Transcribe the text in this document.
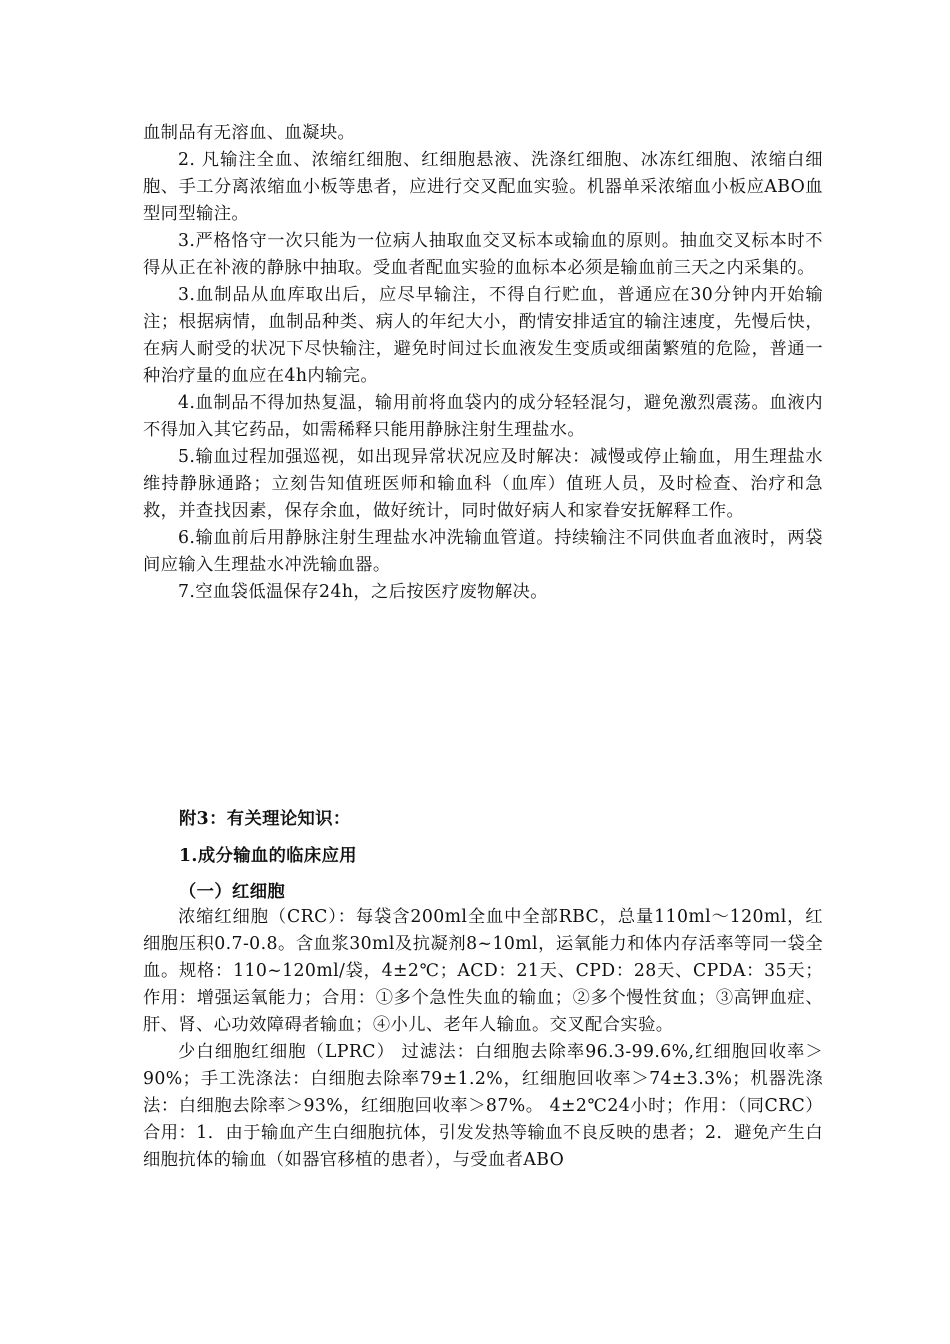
血制品有无溶血、血凝块。

2. 凡输注全血、浓缩红细胞、红细胞悬液、洗涤红细胞、冰冻红细胞、浓缩白细胞、手工分离浓缩血小板等患者，应进行交叉配血实验。机器单采浓缩血小板应ABO血型同型输注。

3.严格恪守一次只能为一位病人抽取血交叉标本或输血的原则。抽血交叉标本时不得从正在补液的静脉中抽取。受血者配血实验的血标本必须是输血前三天之内采集的。

3.血制品从血库取出后，应尽早输注，不得自行贮血，普通应在30分钟内开始输注；根据病情，血制品种类、病人的年纪大小，酌情安排适宜的输注速度，先慢后快，在病人耐受的状况下尽快输注，避免时间过长血液发生变质或细菌繁殖的危险，普通一种治疗量的血应在4h内输完。

4.血制品不得加热复温，输用前将血袋内的成分轻轻混匀，避免激烈震荡。血液内不得加入其它药品，如需稀释只能用静脉注射生理盐水。

5.输血过程加强巡视，如出现异常状况应及时解决：减慢或停止输血，用生理盐水维持静脉通路；立刻告知值班医师和输血科（血库）值班人员，及时检查、治疗和急救，并查找因素，保存余血，做好统计，同时做好病人和家眷安抚解释工作。

6.输血前后用静脉注射生理盐水冲洗输血管道。持续输注不同供血者血液时，两袋间应输入生理盐水冲洗输血器。

7.空血袋低温保存24h，之后按医疗废物解决。

附3：有关理论知识：

1.成分输血的临床应用

（一）红细胞

浓缩红细胞（CRC）：每袋含200ml全血中全部RBC，总量110ml～120ml，红细胞压积0.7-0.8。含血浆30ml及抗凝剂8~10ml，运氧能力和体内存活率等同一袋全血。规格：110~120ml/袋，4±2℃；ACD：21天、CPD：28天、CPDA：35天；作用：增强运氧能力；合用：①多个急性失血的输血；②多个慢性贫血；③高钾血症、肝、肾、心功效障碍者输血；④小儿、老年人输血。交叉配合实验。

少白细胞红细胞（LPRC） 过滤法：白细胞去除率96.3-99.6%,红细胞回收率＞90%；手工洗涤法：白细胞去除率79±1.2%，红细胞回收率＞74±3.3%；机器洗涤法：白细胞去除率＞93%，红细胞回收率＞87%。 4±2℃24小时；作用：（同CRC）合用：1．由于输血产生白细胞抗体，引发发热等输血不良反映的患者；2．避免产生白细胞抗体的输血（如器官移植的患者），与受血者ABO
